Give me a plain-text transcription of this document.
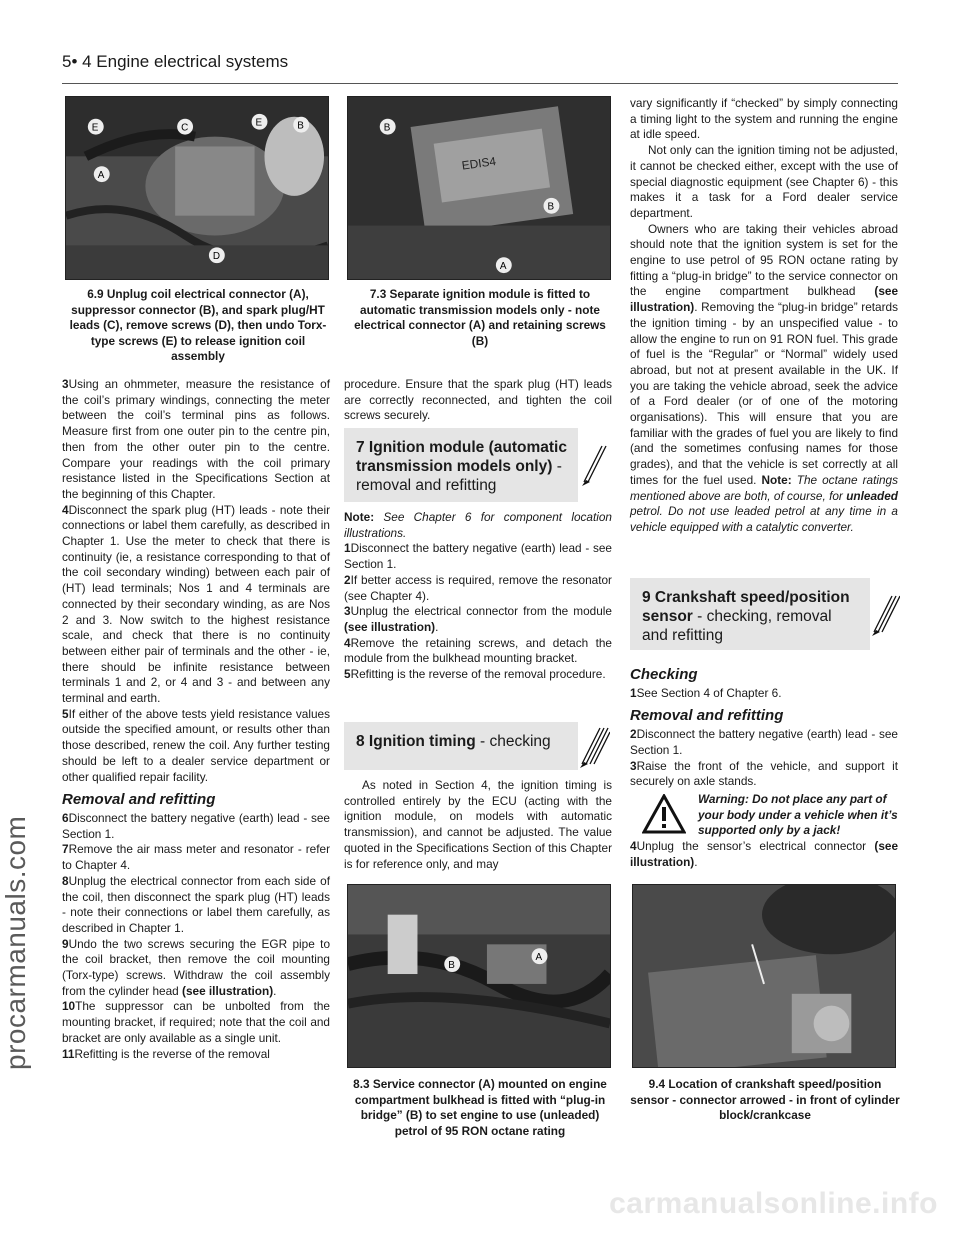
5• 4 Engine electrical systems
procarmanuals.com
carmanualsonline.info
E	C	E	B
A
D
6.9 Unplug coil electrical connector (A), suppressor connector (B), and spark plug/HT leads (C), remove screws (D), then undo Torx-type screws (E) to release ignition coil assembly
EDIS4
B
B
A
7.3 Separate ignition module is fitted to automatic transmission models only - note electrical connector (A) and retaining screws (B)

3Using an ohmmeter, measure the resistance of the coil’s primary windings, connecting the meter between the coil’s terminal pins as follows. Measure first from one outer pin to the centre pin, then from the other outer pin to the centre. Compare your readings with the coil primary resistance listed in the Specifications Section at the beginning of this Chapter.

4Disconnect the spark plug (HT) leads - note their connections or label them carefully, as described in Chapter 1. Use the meter to check that there is continuity (ie, a resistance corresponding to that of the coil secondary winding) between each pair of (HT) lead terminals; Nos 1 and 4 terminals are connected by their secondary winding, as are Nos 2 and 3. Now switch to the highest resistance scale, and check that there is no continuity between either pair of terminals and the other - ie, there should be infinite resistance between terminals 1 and 2, or 4 and 3 - and between any terminal and earth.

5If either of the above tests yield resistance values outside the specified amount, or results other than those described, renew the coil. Any further testing should be left to a dealer service department or other qualified repair facility.

Removal and refitting

6Disconnect the battery negative (earth) lead - see Section 1.

7Remove the air mass meter and resonator - refer to Chapter 4.

8Unplug the electrical connector from each side of the coil, then disconnect the spark plug (HT) leads - note their connections or label them carefully, as described in Chapter 1.

9Undo the two screws securing the EGR pipe to the coil bracket, then remove the coil mounting (Torx-type) screws. Withdraw the coil assembly from the cylinder head (see illustration).

10The suppressor can be unbolted from the mounting bracket, if required; note that the coil and bracket are only available as a single unit.

11Refitting is the reverse of the removal

procedure. Ensure that the spark plug (HT) leads are correctly reconnected, and tighten the coil screws securely.

7 Ignition module (automatic transmission models only) - removal and refitting

Note: See Chapter 6 for component location illustrations.

1Disconnect the battery negative (earth) lead - see Section 1.

2If better access is required, remove the resonator (see Chapter 4).

3Unplug the electrical connector from the module (see illustration).

4Remove the retaining screws, and detach the module from the bulkhead mounting bracket.

5Refitting is the reverse of the removal procedure.

8 Ignition timing - checking

As noted in Section 4, the ignition timing is controlled entirely by the ECU (acting with the ignition module, on models with automatic transmission), and cannot be adjusted. The value quoted in the Specifications Section of this Chapter is for reference only, and may

vary significantly if “checked” by simply connecting a timing light to the system and running the engine at idle speed.

Not only can the ignition timing not be adjusted, it cannot be checked either, except with the use of special diagnostic equipment (see Chapter 6) - this makes it a task for a Ford dealer service department.

Owners who are taking their vehicles abroad should note that the ignition system is set for the engine to use petrol of 95 RON octane rating by fitting a “plug-in bridge” to the service connector on the engine compartment bulkhead (see illustration). Removing the “plug-in bridge” retards the ignition timing - by an unspecified value - to allow the engine to run on 91 RON fuel. This grade of fuel is the “Regular” or “Normal” widely used abroad, but not at present available in the UK. If you are taking the vehicle abroad, seek the advice of a Ford dealer (or of one of the motoring organisations). This will ensure that you are familiar with the grades of fuel you are likely to find (and the sometimes confusing names for those grades), and that the vehicle is set correctly at all times for the fuel used. Note: The octane ratings mentioned above are both, of course, for unleaded petrol. Do not use leaded petrol at any time in a vehicle equipped with a catalytic converter.

9 Crankshaft speed/position sensor - checking, removal and refitting
Checking

1See Section 4 of Chapter 6.

Removal and refitting

2Disconnect the battery negative (earth) lead - see Section 1.

3Raise the front of the vehicle, and support it securely on axle stands.

Warning: Do not place any part of your body under a vehicle when it’s supported only by a jack!

4Unplug the sensor’s electrical connector (see illustration).

B
A
8.3 Service connector (A) mounted on engine compartment bulkhead is fitted with “plug-in bridge” (B) to set engine to use (unleaded) petrol of 95 RON octane rating
9.4 Location of crankshaft speed/position sensor - connector arrowed - in front of cylinder block/crankcase
